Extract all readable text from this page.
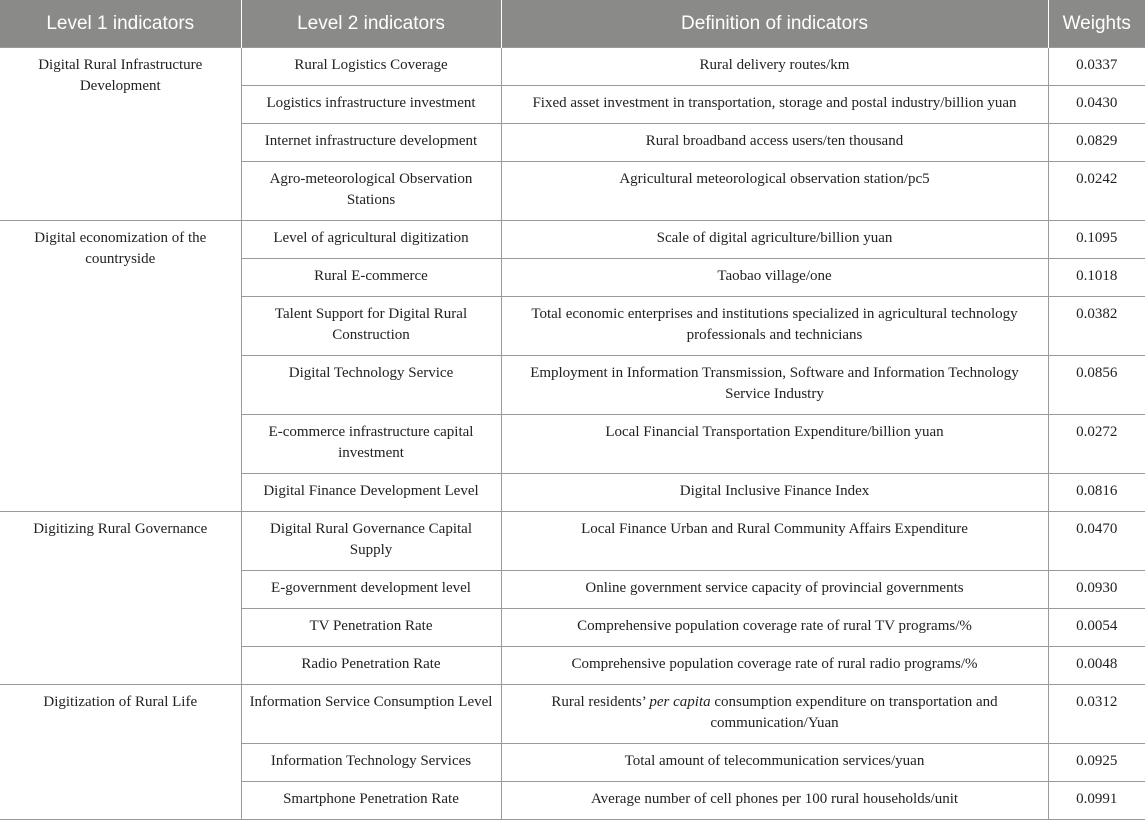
Level 1 indicators	Level 2 indicators	Definition of indicators	Weights
Digital Rural Infrastructure Development	Rural Logistics Coverage	Rural delivery routes/km	0.0337
	Logistics infrastructure investment	Fixed asset investment in transportation, storage and postal industry/billion yuan	0.0430
	Internet infrastructure development	Rural broadband access users/ten thousand	0.0829
	Agro-meteorological Observation Stations	Agricultural meteorological observation station/pc5	0.0242
Digital economization of the countryside	Level of agricultural digitization	Scale of digital agriculture/billion yuan	0.1095
	Rural E-commerce	Taobao village/one	0.1018
	Talent Support for Digital Rural Construction	Total economic enterprises and institutions specialized in agricultural technology professionals and technicians	0.0382
	Digital Technology Service	Employment in Information Transmission, Software and Information Technology Service Industry	0.0856
	E-commerce infrastructure capital investment	Local Financial Transportation Expenditure/billion yuan	0.0272
	Digital Finance Development Level	Digital Inclusive Finance Index	0.0816
Digitizing Rural Governance	Digital Rural Governance Capital Supply	Local Finance Urban and Rural Community Affairs Expenditure	0.0470
	E-government development level	Online government service capacity of provincial governments	0.0930
	TV Penetration Rate	Comprehensive population coverage rate of rural TV programs/%	0.0054
	Radio Penetration Rate	Comprehensive population coverage rate of rural radio programs/%	0.0048
Digitization of Rural Life	Information Service Consumption Level	Rural residents’ per capita consumption expenditure on transportation and communication/Yuan	0.0312
	Information Technology Services	Total amount of telecommunication services/yuan	0.0925
	Smartphone Penetration Rate	Average number of cell phones per 100 rural households/unit	0.0991
